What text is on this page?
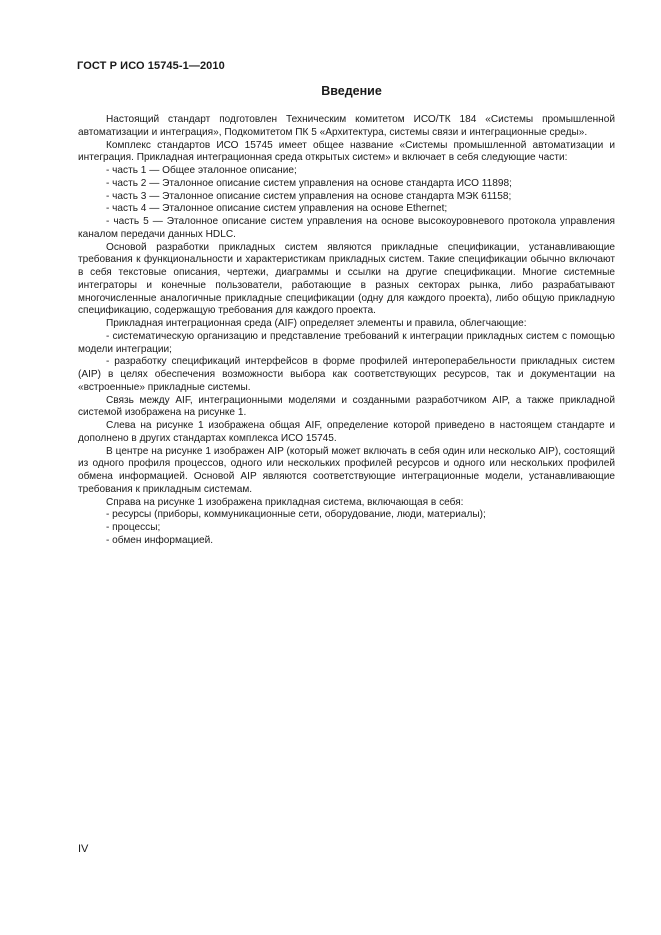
ГОСТ Р ИСО 15745-1—2010
Введение

Настоящий стандарт подготовлен Техническим комитетом ИСО/ТК 184 «Системы промышленной автоматизации и интеграция», Подкомитетом ПК 5 «Архитектура, системы связи и интеграционные среды».

Комплекс стандартов ИСО 15745 имеет общее название «Системы промышленной автоматизации и интеграция. Прикладная интеграционная среда открытых систем» и включает в себя следующие части:

- часть 1 — Общее эталонное описание;

- часть 2 — Эталонное описание систем управления на основе стандарта ИСО 11898;

- часть 3 — Эталонное описание систем управления на основе стандарта МЭК 61158;

- часть 4 — Эталонное описание систем управления на основе Ethernet;

- часть 5 — Эталонное описание систем управления на основе высокоуровневого протокола управления каналом передачи данных HDLC.

Основой разработки прикладных систем являются прикладные спецификации, устанавливающие требования к функциональности и характеристикам прикладных систем. Такие спецификации обычно включают в себя текстовые описания, чертежи, диаграммы и ссылки на другие спецификации. Многие системные интеграторы и конечные пользователи, работающие в разных секторах рынка, либо разрабатывают многочисленные аналогичные прикладные спецификации (одну для каждого проекта), либо общую прикладную спецификацию, содержащую требования для каждого проекта.

Прикладная интеграционная среда (AIF) определяет элементы и правила, облегчающие:

- систематическую организацию и представление требований к интеграции прикладных систем с помощью модели интеграции;

- разработку спецификаций интерфейсов в форме профилей интероперабельности прикладных систем (AIP) в целях обеспечения возможности выбора как соответствующих ресурсов, так и документации на «встроенные» прикладные системы.

Связь между AIF, интеграционными моделями и созданными разработчиком AIP, а также прикладной системой изображена на рисунке 1.

Слева на рисунке 1 изображена общая AIF, определение которой приведено в настоящем стандарте и дополнено в других стандартах комплекса ИСО 15745.

В центре на рисунке 1 изображен AIP (который может включать в себя один или несколько AIP), состоящий из одного профиля процессов, одного или нескольких профилей ресурсов и одного или нескольких профилей обмена информацией. Основой AIP являются соответствующие интеграционные модели, устанавливающие требования к прикладным системам.

Справа на рисунке 1 изображена прикладная система, включающая в себя:

- ресурсы (приборы, коммуникационные сети, оборудование, люди, материалы);

- процессы;

- обмен информацией.

IV
